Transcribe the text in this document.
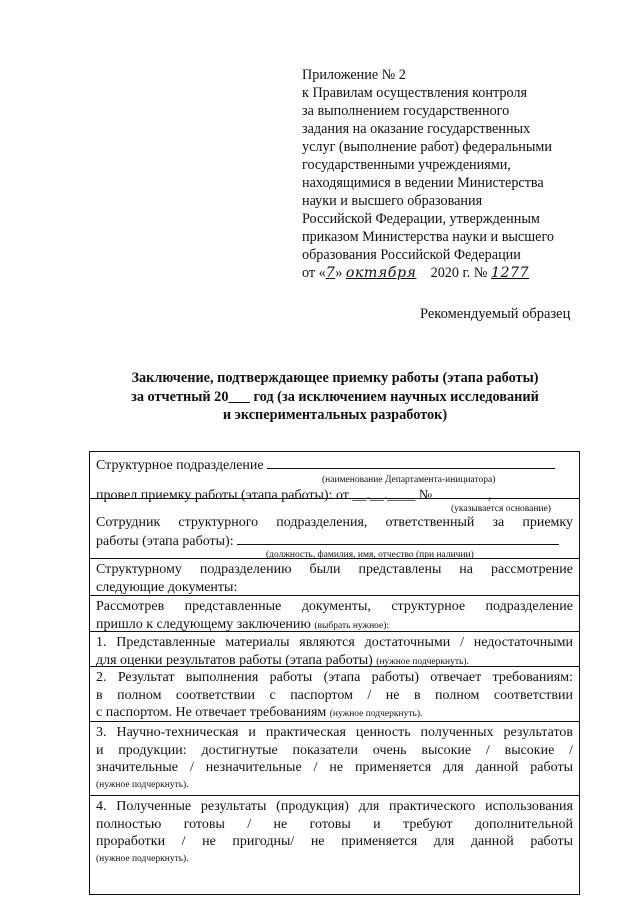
Приложение № 2
к Правилам осуществления контроля
за выполнением государственного
задания на оказание государственных
услуг (выполнение работ) федеральными
государственными учреждениями,
находящимися в ведении Министерства
науки и высшего образования
Российской Федерации, утвержденным
приказом Министерства науки и высшего
образования Российской Федерации
от «7» октября 2020 г. № 1277
Рекомендуемый образец
Заключение, подтверждающее приемку работы (этапа работы)
за отчетный 20___ год (за исключением научных исследований
и экспериментальных разработок)
Структурное подразделение
(наименование Департамента-инициатора)
провел приемку работы (этапа работы): от __.__.____ №	,
(указывается основание)
Сотрудник структурного подразделения, ответственный за приемку
работы (этапа работы):
(должность, фамилия, имя, отчество (при наличии)
Структурному подразделению были представлены на рассмотрение
следующие документы:
Рассмотрев представленные документы, структурное подразделение
пришло к следующему заключению (выбрать нужное):
1. Представленные материалы являются достаточными / недостаточными
для оценки результатов работы (этапа работы) (нужное подчеркнуть).
2. Результат выполнения работы (этапа работы) отвечает требованиям:
в полном соответствии с паспортом / не в полном соответствии
с паспортом. Не отвечает требованиям (нужное подчеркнуть).
3. Научно-техническая и практическая ценность полученных результатов
и продукции: достигнутые показатели очень высокие / высокие /
значительные / незначительные / не применяется для данной работы
(нужное подчеркнуть).
4. Полученные результаты (продукция) для практического использования
полностью готовы / не готовы и требуют дополнительной
проработки / не пригодны/ не применяется для данной работы
(нужное подчеркнуть).
